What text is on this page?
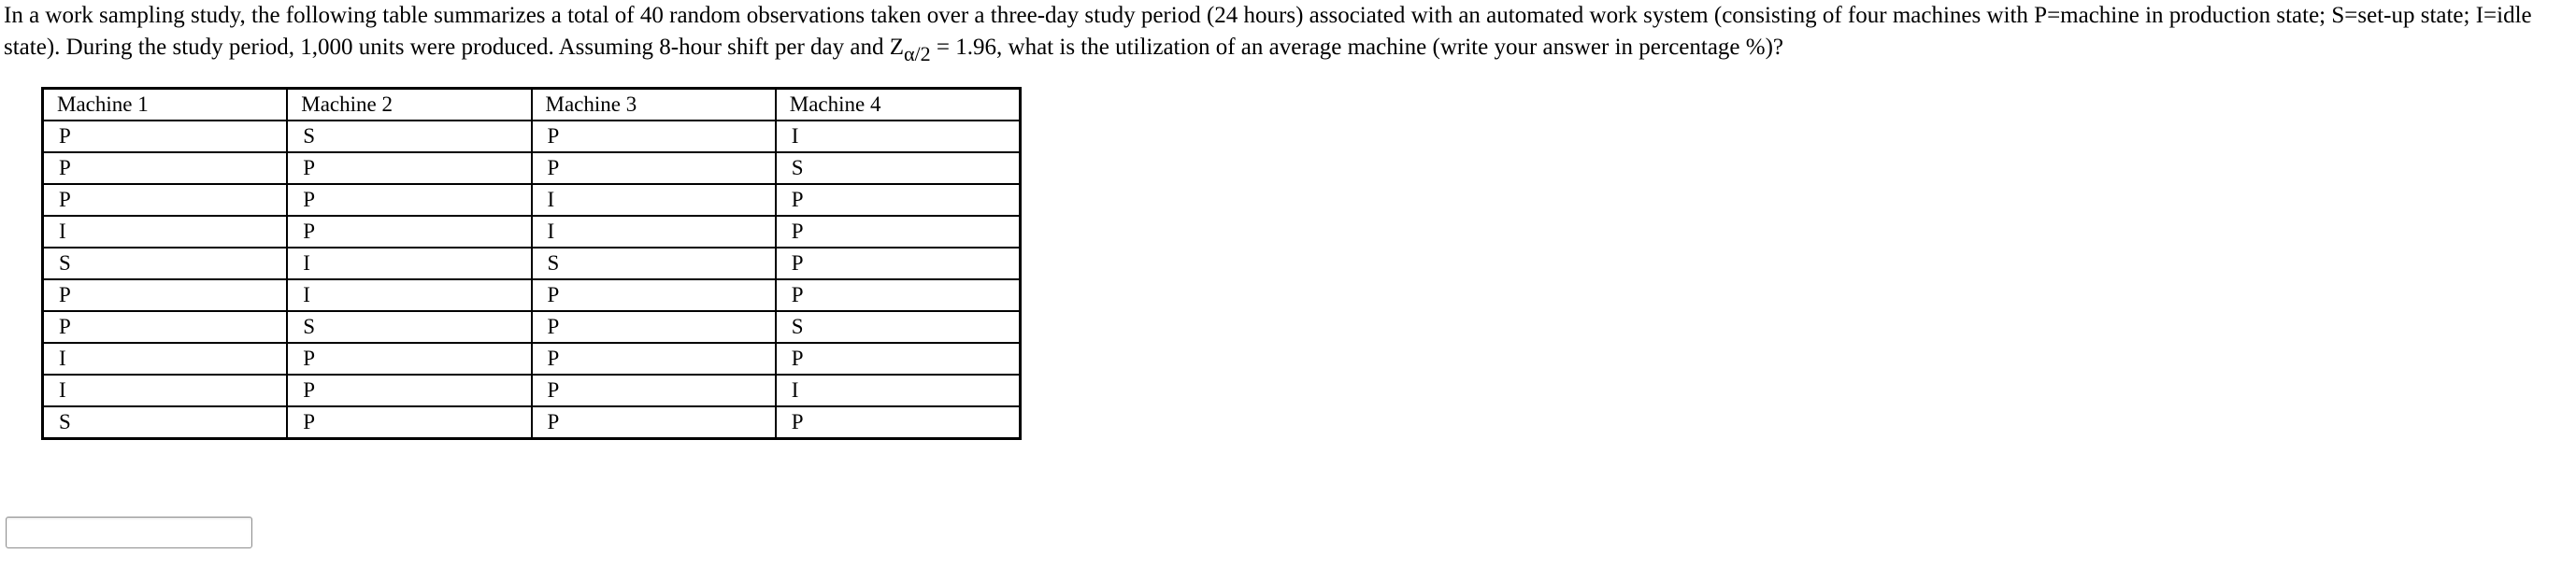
In a work sampling study, the following table summarizes a total of 40 random observations taken over a three-day study period (24 hours) associated with an automated work system (consisting of four machines with P=machine in production state; S=set-up state; I=idle state). During the study period, 1,000 units were produced. Assuming 8-hour shift per day and $Z_{\alpha/2} = 1.96$, what is the utilization of an average machine (write your answer in percentage %)?
Machine 1	Machine 2	Machine 3	Machine 4
P	S	P	I
P	P	P	S
P	P	I	P
I	P	I	P
S	I	S	P
P	I	P	P
P	S	P	S
I	P	P	P
I	P	P	I
S	P	P	P
